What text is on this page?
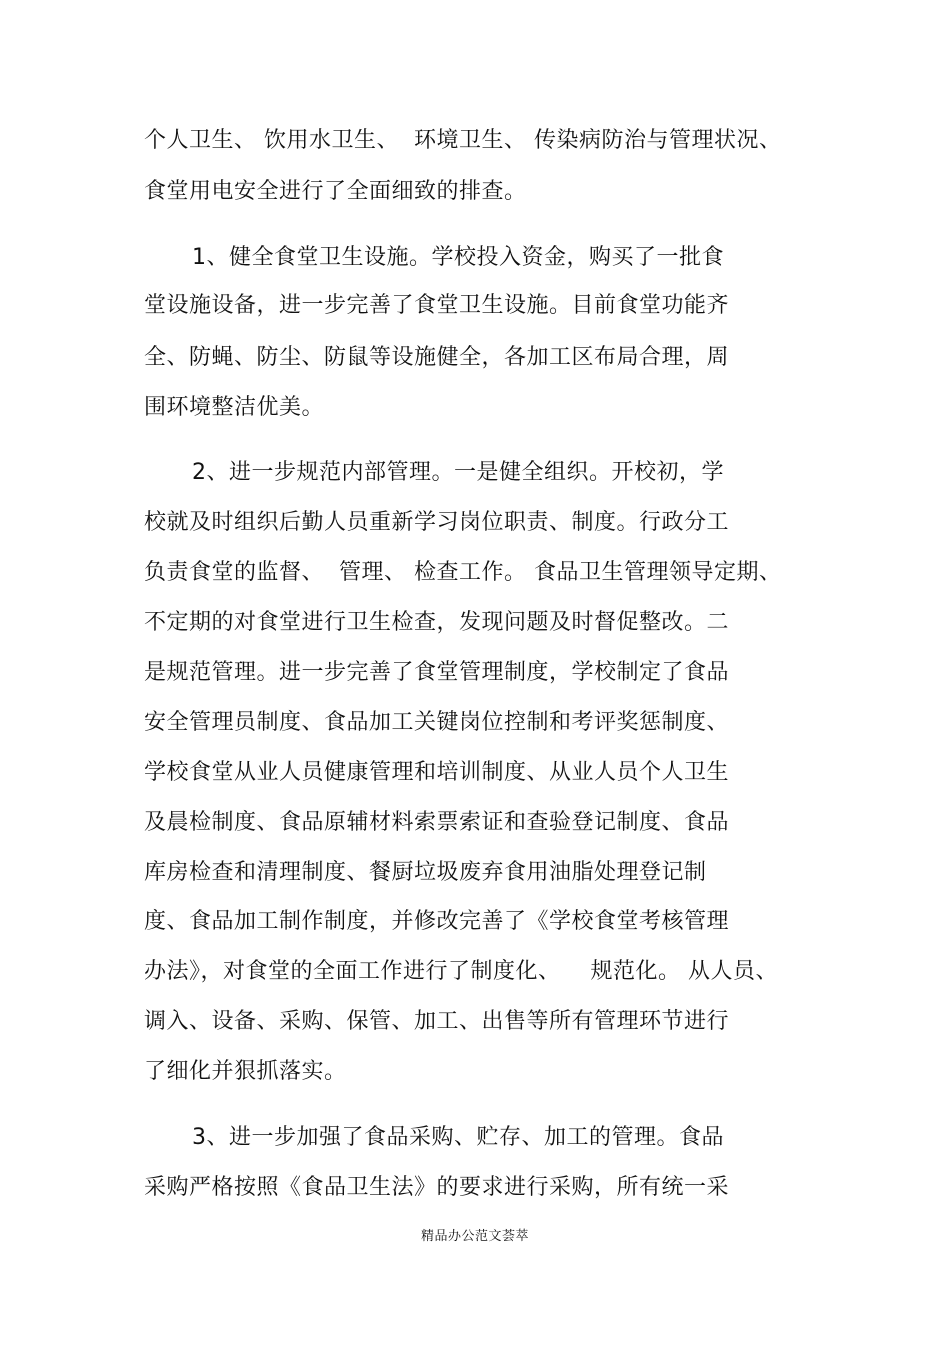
个人卫生、 饮用水卫生、  环境卫生、 传染病防治与管理状况、
食堂用电安全进行了全面细致的排查。
1、健全食堂卫生设施。学校投入资金，购买了一批食
堂设施设备，进一步完善了食堂卫生设施。目前食堂功能齐
全、防蝇、防尘、防鼠等设施健全，各加工区布局合理，周
围环境整洁优美。
2、进一步规范内部管理。一是健全组织。开校初，学
校就及时组织后勤人员重新学习岗位职责、制度。行政分工
负责食堂的监督、  管理、 检查工作。 食品卫生管理领导定期、
不定期的对食堂进行卫生检查，发现问题及时督促整改。二
是规范管理。进一步完善了食堂管理制度，学校制定了食品
安全管理员制度、食品加工关键岗位控制和考评奖惩制度、
学校食堂从业人员健康管理和培训制度、从业人员个人卫生
及晨检制度、食品原辅材料索票索证和查验登记制度、食品
库房检查和清理制度、餐厨垃圾废弃食用油脂处理登记制
度、食品加工制作制度，并修改完善了《学校食堂考核管理
办法》，对食堂的全面工作进行了制度化、    规范化。 从人员、
调入、设备、采购、保管、加工、出售等所有管理环节进行
了细化并狠抓落实。
3、进一步加强了食品采购、贮存、加工的管理。食品
采购严格按照《食品卫生法》的要求进行采购，所有统一采
精品办公范文荟萃
